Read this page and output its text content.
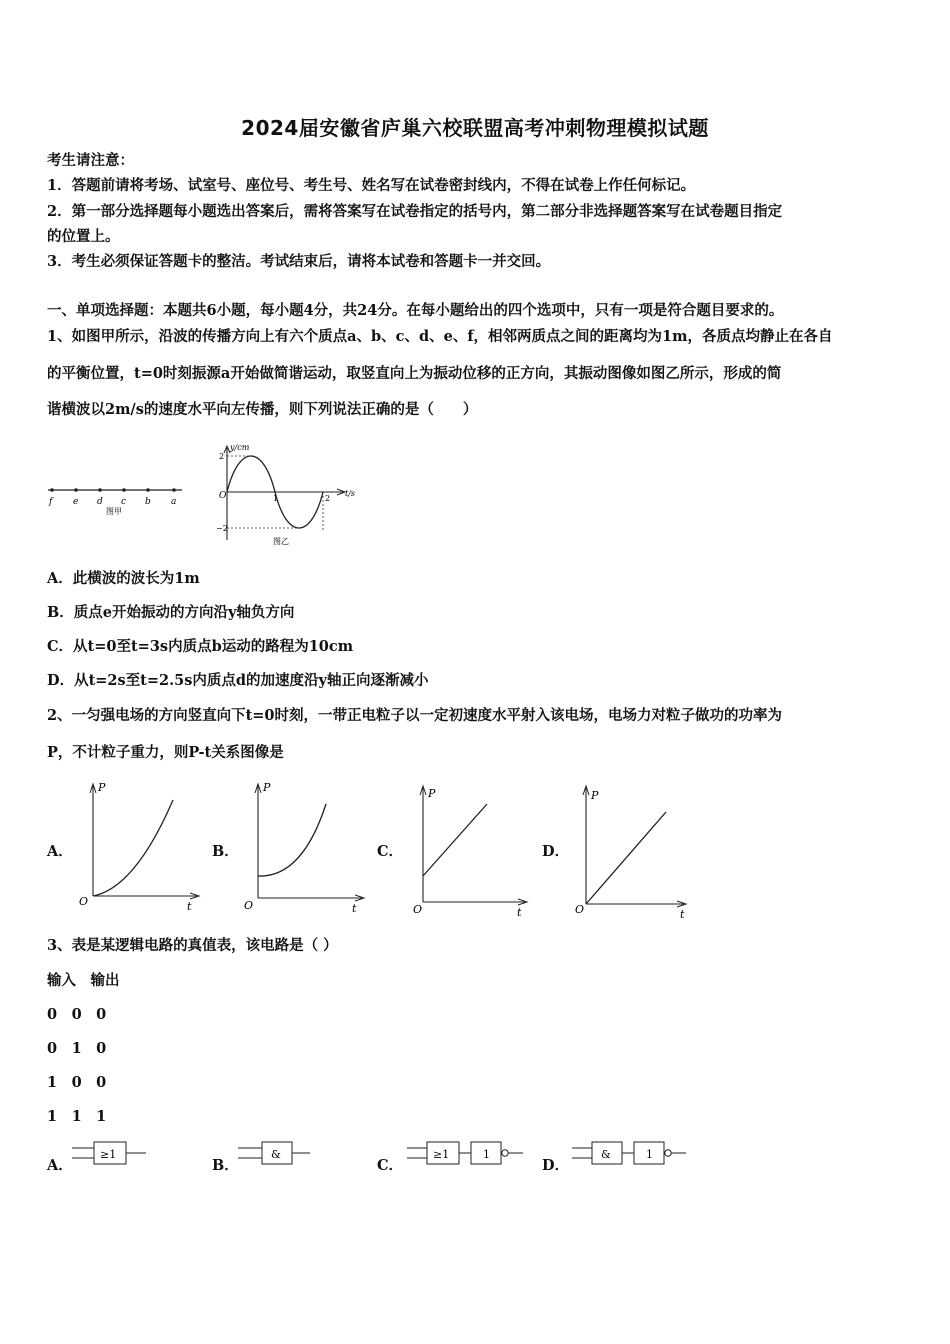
2024届安徽省庐巢六校联盟高考冲刺物理模拟试题
考生请注意：
1．答题前请将考场、试室号、座位号、考生号、姓名写在试卷密封线内，不得在试卷上作任何标记。
2．第一部分选择题每小题选出答案后，需将答案写在试卷指定的括号内，第二部分非选择题答案写在试卷题目指定
的位置上。
3．考生必须保证答题卡的整洁。考试结束后，请将本试卷和答题卡一并交回。
一、单项选择题：本题共6小题，每小题4分，共24分。在每小题给出的四个选项中，只有一项是符合题目要求的。
1、如图甲所示，沿波的传播方向上有六个质点a、b、c、d、e、f，相邻两质点之间的距离均为1m，各质点均静止在各自
的平衡位置，t=0时刻振源a开始做简谐运动，取竖直向上为振动位移的正方向，其振动图像如图乙所示，形成的简
谐横波以2m/s的速度水平向左传播，则下列说法正确的是（　　）
f e d c b a
图甲
y/cm
t/s
O
2
−2
1	2
图乙
A．此横波的波长为1m
B．质点e开始振动的方向沿y轴负方向
C．从t=0至t=3s内质点b运动的路程为10cm
D．从t=2s至t=2.5s内质点d的加速度沿y轴正向逐渐减小
2、一匀强电场的方向竖直向下t=0时刻，一带正电粒子以一定初速度水平射入该电场，电场力对粒子做功的功率为
P，不计粒子重力，则P-t关系图像是
A．
P
O	t
B．
P
O	t
C．
P
O	t
D．
P
O	t
3、表是某逻辑电路的真值表，该电路是（ ）
输入　输出
0　0　0
0　1　0
1　0　0
1　1　1
A．
≥1
B．
&
C．
≥1	1
D．
&	1
